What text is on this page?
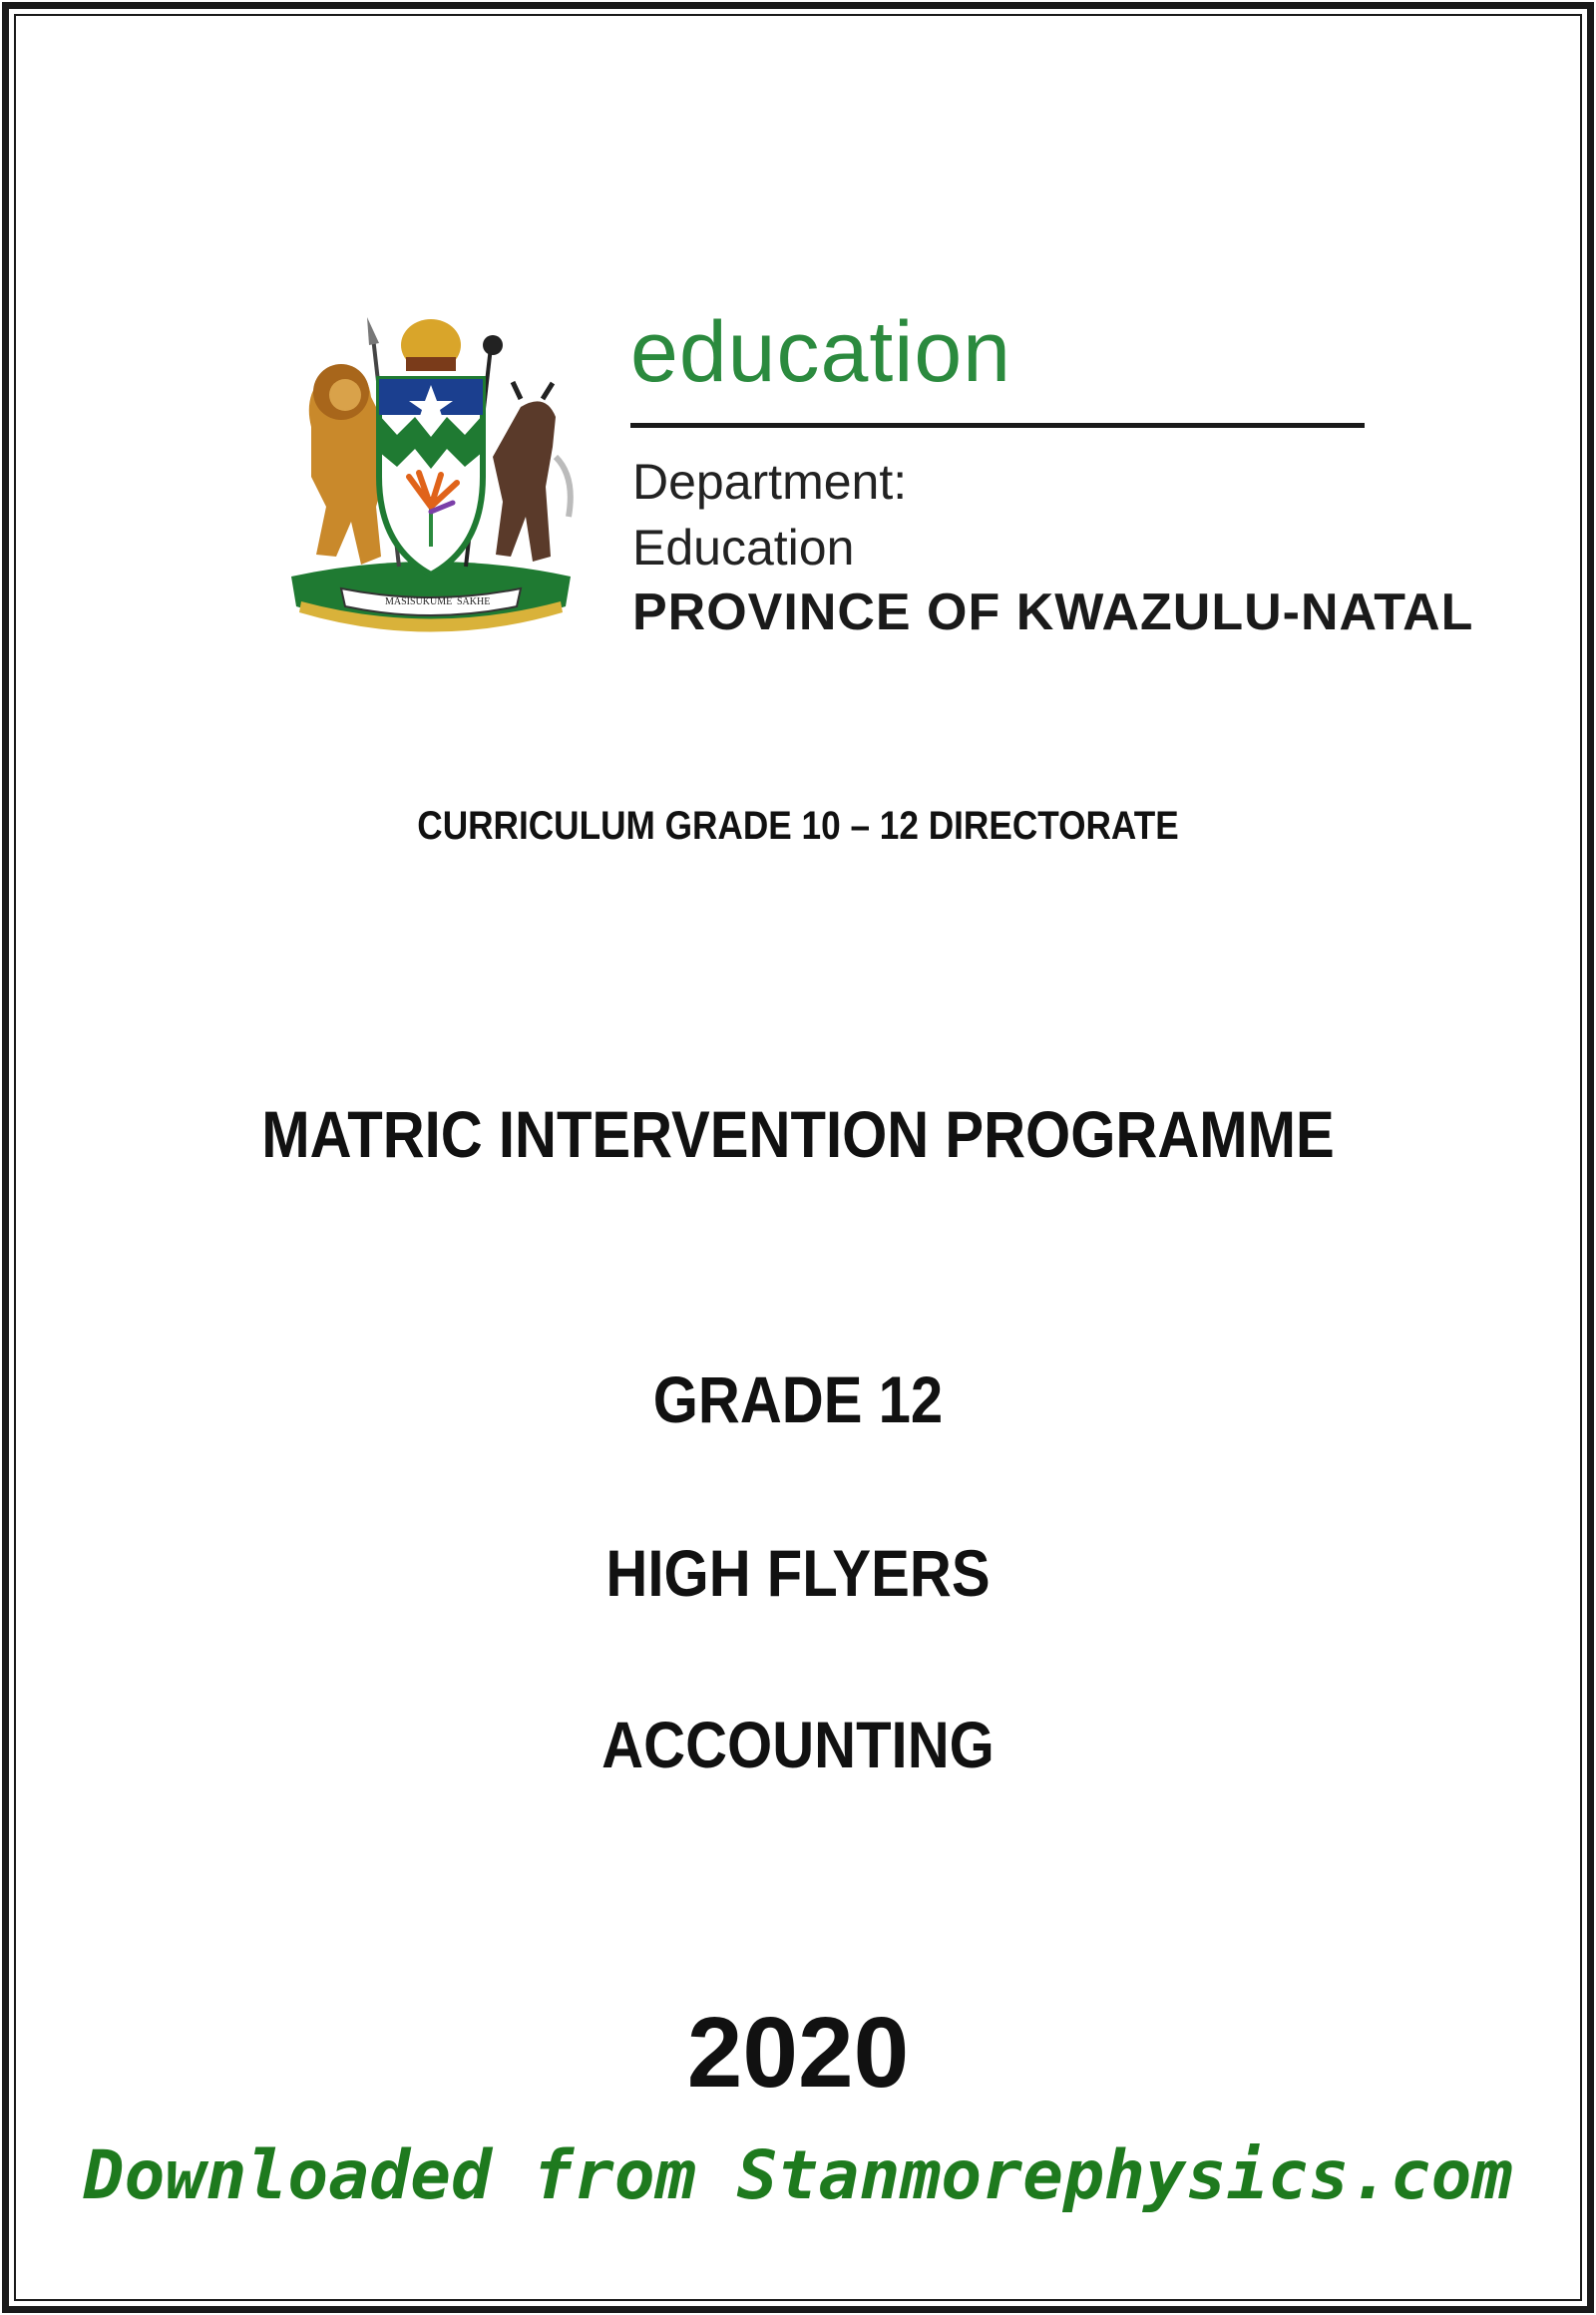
MASISUKUME SAKHE
education
Department:
Education
PROVINCE OF KWAZULU-NATAL
CURRICULUM GRADE 10 – 12 DIRECTORATE
MATRIC INTERVENTION PROGRAMME
GRADE 12
HIGH FLYERS
ACCOUNTING
2020
Downloaded from Stanmorephysics.com
